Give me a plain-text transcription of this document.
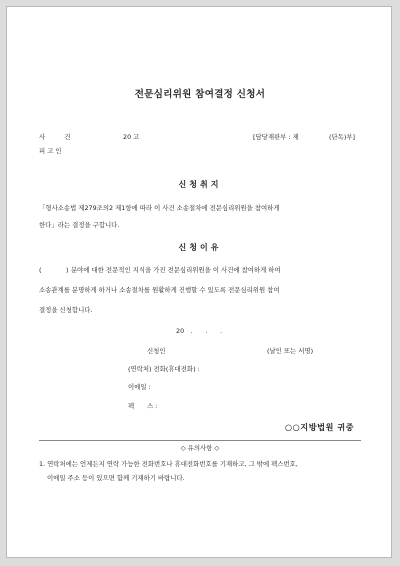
전문심리위원 참여결정 신청서
사　　　건	20 고	[담당재판부 : 제	(단독)부]
피 고 인
신청취지
「형사소송법 제279조의2 제1항에 따라 이 사건 소송절차에 전문심리위원을 참여하게
한다」라는 결정을 구합니다.
신청이유
(	) 분야에 대한 전문적인 지식을 가진 전문심리위원을 이 사건에 참여하게 하여
소송관계를 분명하게 하거나 소송절차를 원활하게 진행할 수 있도록 전문심리위원 참여
결정을 신청합니다.
20　.　　.　　.
신청인	(날인 또는 서명)
(연락처) 전화(휴대전화) :
이메일 :
팩　　스 :
○○지방법원 귀중
◇ 유의사항 ◇
1. 연락처에는 언제든지 연락 가능한 전화번호나 휴대전화번호를 기재하고, 그 밖에 팩스번호,
이메일 주소 등이 있으면 함께 기재하기 바랍니다.
